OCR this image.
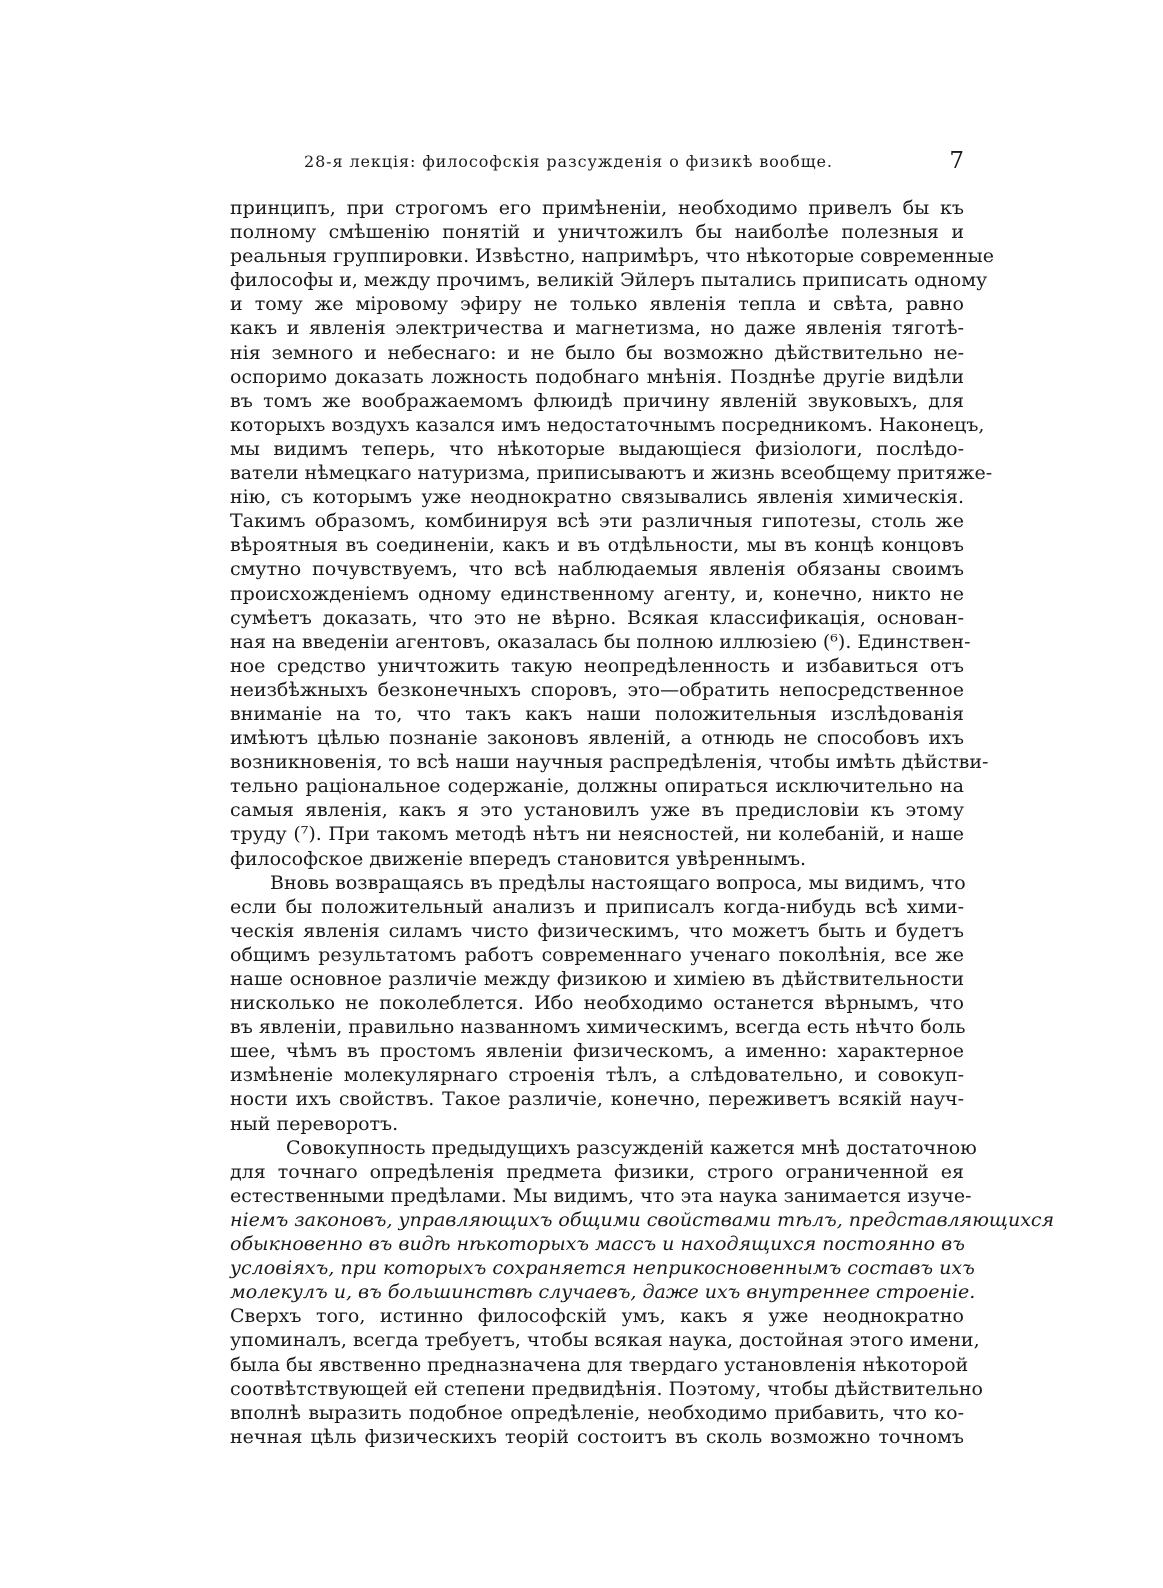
28-я лекція: философскія разсужденія о физикѣ вообще.	7
принципъ, при строгомъ его примѣненіи, необходимо привелъ бы къ
полному смѣшенію понятій и уничтожилъ бы наиболѣе полезныя и
реальныя группировки. Извѣстно, напримѣръ, что нѣкоторые современные
философы и, между прочимъ, великій Эйлеръ пытались приписать одному
и тому же міровому эфиру не только явленія тепла и свѣта, равно
какъ и явленія электричества и магнетизма, но даже явленія тяготѣ-
нія земного и небеснаго: и не было бы возможно дѣйствительно не-
оспоримо доказать ложность подобнаго мнѣнія. Позднѣе другіе видѣли
въ томъ же воображаемомъ флюидѣ причину явленій звуковыхъ, для
которыхъ воздухъ казался имъ недостаточнымъ посредникомъ. Наконецъ,
мы видимъ теперь, что нѣкоторые выдающіеся физіологи, послѣдо-
ватели нѣмецкаго натуризма, приписываютъ и жизнь всеобщему притяже-
нію, съ которымъ уже неоднократно связывались явленія химическія.
Такимъ образомъ, комбинируя всѣ эти различныя гипотезы, столь же
вѣроятныя въ соединеніи, какъ и въ отдѣльности, мы въ концѣ концовъ
смутно почувствуемъ, что всѣ наблюдаемыя явленія обязаны своимъ
происхожденіемъ одному единственному агенту, и, конечно, никто не
сумѣетъ доказать, что это не вѣрно. Всякая классификація, основан-
ная на введеніи агентовъ, оказалась бы полною иллюзіею (⁶). Единствен-
ное средство уничтожить такую неопредѣленность и избавиться отъ
неизбѣжныхъ безконечныхъ споровъ, это—обратить непосредственное
вниманіе на то, что такъ какъ наши положительныя изслѣдованія
имѣютъ цѣлью познаніе законовъ явленій, а отнюдь не способовъ ихъ
возникновенія, то всѣ наши научныя распредѣленія, чтобы имѣть дѣйстви-
тельно раціональное содержаніе, должны опираться исключительно на
самыя явленія, какъ я это установилъ уже въ предисловіи къ этому
труду (⁷). При такомъ методѣ нѣтъ ни неясностей, ни колебаній, и наше
философское движеніе впередъ становится увѣреннымъ.
Вновь возвращаясь въ предѣлы настоящаго вопроса, мы видимъ, что
если бы положительный анализъ и приписалъ когда-нибудь всѣ хими-
ческія явленія силамъ чисто физическимъ, что можетъ быть и будетъ
общимъ результатомъ работъ современнаго ученаго поколѣнія, все же
наше основное различіе между физикою и химіею въ дѣйствительности
нисколько не поколеблется. Ибо необходимо останется вѣрнымъ, что
въ явленіи, правильно названномъ химическимъ, всегда есть нѣчто боль
шее, чѣмъ въ простомъ явленіи физическомъ, а именно: характерное
измѣненіе молекулярнаго строенія тѣлъ, а слѣдовательно, и совокуп-
ности ихъ свойствъ. Такое различіе, конечно, переживетъ всякій науч-
ный переворотъ.
Совокупность предыдущихъ разсужденій кажется мнѣ достаточною
для точнаго опредѣленія предмета физики, строго ограниченной ея
естественными предѣлами. Мы видимъ, что эта наука занимается изуче-
ніемъ законовъ, управляющихъ общими свойствами тѣлъ, представляющихся
обыкновенно въ видѣ нѣкоторыхъ массъ и находящихся постоянно въ
условіяхъ, при которыхъ сохраняется неприкосновеннымъ составъ ихъ
молекулъ и, въ большинствѣ случаевъ, даже ихъ внутреннее строеніе.
Сверхъ того, истинно философскій умъ, какъ я уже неоднократно
упоминалъ, всегда требуетъ, чтобы всякая наука, достойная этого имени,
была бы явственно предназначена для твердаго установленія нѣкоторой
соотвѣтствующей ей степени предвидѣнія. Поэтому, чтобы дѣйствительно
вполнѣ выразить подобное опредѣленіе, необходимо прибавить, что ко-
нечная цѣль физическихъ теорій состоитъ въ сколь возможно точномъ
